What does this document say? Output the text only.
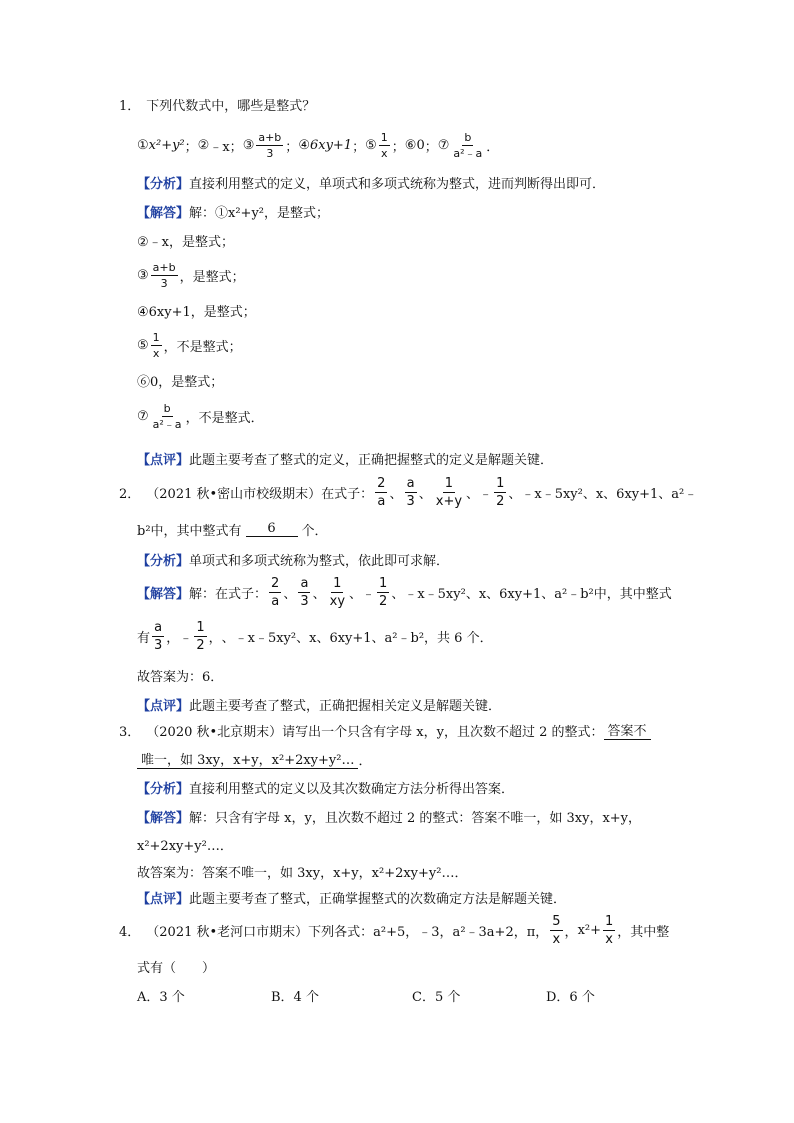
1． 下列代数式中，哪些是整式？
① x²+y² ； ② ﹣x ； ③ $\frac{a+b}{3}$ ； ④ 6xy+1 ； ⑤ $\frac{1}{x}$ ； ⑥ 0 ； ⑦ $\frac{b}{\text{a²﹣a}}$ ．
【分析】 直接利用整式的定义，单项式和多项式统称为整式，进而判断得出即可．
【解答】 解：①x²+y²，是整式；
②﹣x，是整式；
③ $\frac{a+b}{3}$ ，是整式；
④6xy+1，是整式；
⑤ $\frac{1}{x}$ ，不是整式；
⑥0，是整式；
⑦ $\frac{b}{\text{a²﹣a}}$ ，不是整式．
【点评】 此题主要考查了整式的定义，正确把握整式的定义是解题关键．
2． （2021 秋•密山市校级期末）在式子： $\frac{2}{a}$ 、 $\frac{a}{3}$ 、 $\frac{1}{x+y}$ 、 ﹣ $\frac{1}{2}$ 、﹣x﹣5xy²、x、6xy+1、a²﹣
b²中，其中整式有	6	个．
【分析】 单项式和多项式统称为整式，依此即可求解．
【解答】 解：在式子： $\frac{2}{a}$ 、 $\frac{a}{3}$ 、 $\frac{1}{xy}$ 、 ﹣ $\frac{1}{2}$ 、﹣x﹣5xy²、x、6xy+1、a²﹣b²中，其中整式
有 $\frac{a}{3}$ ， ﹣ $\frac{1}{2}$ ， 、﹣x﹣5xy²、x、6xy+1、a²﹣b²，共 6 个．
故答案为：6．
【点评】 此题主要考查了整式，正确把握相关定义是解题关键．
3． （2020 秋•北京期末）请写出一个只含有字母 x，y，且次数不超过 2 的整式： 答案不
唯一，如 3xy，x+y，x²+2xy+y²… ．
【分析】 直接利用整式的定义以及其次数确定方法分析得出答案．
【解答】 解：只含有字母 x，y，且次数不超过 2 的整式：答案不唯一，如 3xy，x+y，
x²+2xy+y²…．
故答案为：答案不唯一，如 3xy，x+y，x²+2xy+y²…．
【点评】 此题主要考查了整式，正确掌握整式的次数确定方法是解题关键．
4． （2021 秋•老河口市期末）下列各式：a²+5，﹣3，a²﹣3a+2，π， $\frac{5}{x}$ ， $x^2+ \frac{1}{x}$ ，其中整
式有（　　）
A．3 个	B．4 个	C．5 个	D．6 个
